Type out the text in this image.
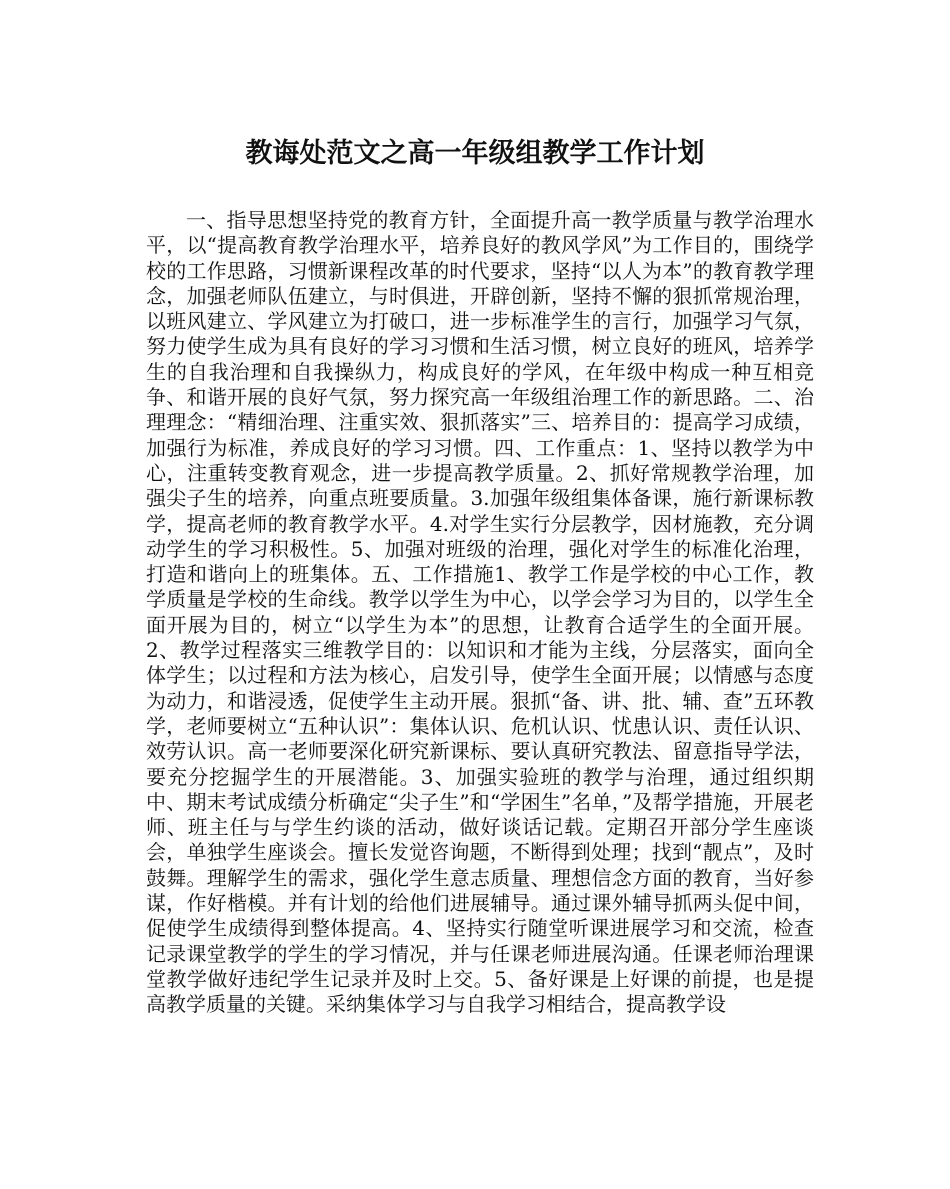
教诲处范文之高一年级组教学工作计划

一、指导思想坚持党的教育方针，全面提升高一教学质量与教学治理水平，以“提高教育教学治理水平，培养良好的教风学风”为工作目的，围绕学校的工作思路，习惯新课程改革的时代要求，坚持“以人为本”的教育教学理念，加强老师队伍建立，与时俱进，开辟创新，坚持不懈的狠抓常规治理，以班风建立、学风建立为打破口，进一步标准学生的言行，加强学习气氛，努力使学生成为具有良好的学习习惯和生活习惯，树立良好的班风，培养学生的自我治理和自我操纵力，构成良好的学风，在年级中构成一种互相竞争、和谐开展的良好气氛，努力探究高一年级组治理工作的新思路。二、治理理念：“精细治理、注重实效、狠抓落实”三、培养目的：提高学习成绩，加强行为标准，养成良好的学习习惯。四、工作重点：1、坚持以教学为中心，注重转变教育观念，进一步提高教学质量。2、抓好常规教学治理，加强尖子生的培养，向重点班要质量。3.加强年级组集体备课，施行新课标教学，提高老师的教育教学水平。4.对学生实行分层教学，因材施教，充分调动学生的学习积极性。5、加强对班级的治理，强化对学生的标准化治理，打造和谐向上的班集体。五、工作措施1、教学工作是学校的中心工作，教学质量是学校的生命线。教学以学生为中心，以学会学习为目的，以学生全面开展为目的，树立“以学生为本”的思想，让教育合适学生的全面开展。2、教学过程落实三维教学目的：以知识和才能为主线，分层落实，面向全体学生；以过程和方法为核心，启发引导，使学生全面开展；以情感与态度为动力，和谐浸透，促使学生主动开展。狠抓“备、讲、批、辅、查”五环教学，老师要树立“五种认识”：集体认识、危机认识、忧患认识、责任认识、效劳认识。高一老师要深化研究新课标、要认真研究教法、留意指导学法，要充分挖掘学生的开展潜能。3、加强实验班的教学与治理，通过组织期中、期末考试成绩分析确定“尖子生”和“学困生”名单，”及帮学措施，开展老师、班主任与与学生约谈的活动，做好谈话记载。定期召开部分学生座谈会，单独学生座谈会。擅长发觉咨询题，不断得到处理；找到“靓点”，及时鼓舞。理解学生的需求，强化学生意志质量、理想信念方面的教育，当好参谋，作好楷模。并有计划的给他们进展辅导。通过课外辅导抓两头促中间，促使学生成绩得到整体提高。4、坚持实行随堂听课进展学习和交流，检查记录课堂教学的学生的学习情况，并与任课老师进展沟通。任课老师治理课堂教学做好违纪学生记录并及时上交。5、备好课是上好课的前提，也是提高教学质量的关键。采纳集体学习与自我学习相结合，提高教学设
